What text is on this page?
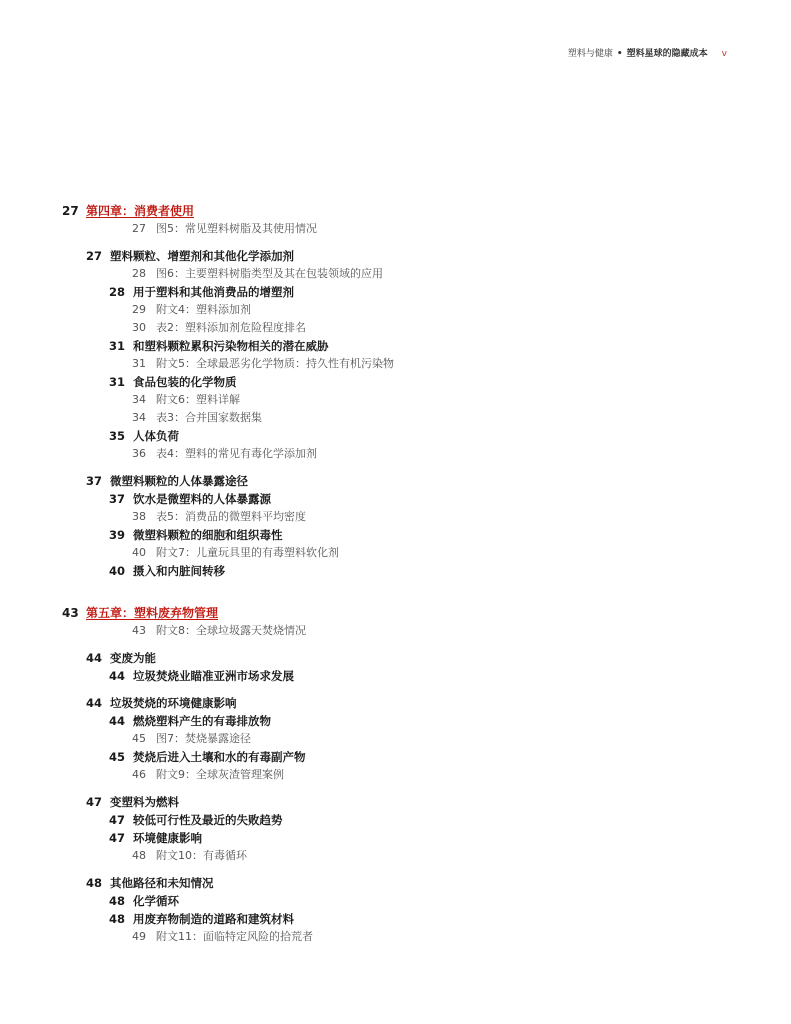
塑料与健康 • 塑料星球的隐藏成本 v
27 第四章：消费者使用
27 图5：常见塑料树脂及其使用情况
27 塑料颗粒、增塑剂和其他化学添加剂
28 图6：主要塑料树脂类型及其在包装领域的应用
28 用于塑料和其他消费品的增塑剂
29 附文4：塑料添加剂
30 表2：塑料添加剂危险程度排名
31 和塑料颗粒累积污染物相关的潜在威胁
31 附文5：全球最恶劣化学物质：持久性有机污染物
31 食品包装的化学物质
34 附文6：塑料详解
34 表3：合并国家数据集
35 人体负荷
36 表4：塑料的常见有毒化学添加剂
37 微塑料颗粒的人体暴露途径
37 饮水是微塑料的人体暴露源
38 表5：消费品的微塑料平均密度
39 微塑料颗粒的细胞和组织毒性
40 附文7：儿童玩具里的有毒塑料软化剂
40 摄入和内脏间转移
43 第五章：塑料废弃物管理
43 附文8：全球垃圾露天焚烧情况
44 变废为能
44 垃圾焚烧业瞄准亚洲市场求发展
44 垃圾焚烧的环境健康影响
44 燃烧塑料产生的有毒排放物
45 图7：焚烧暴露途径
45 焚烧后进入土壤和水的有毒副产物
46 附文9：全球灰渣管理案例
47 变塑料为燃料
47 较低可行性及最近的失败趋势
47 环境健康影响
48 附文10：有毒循环
48 其他路径和未知情况
48 化学循环
48 用废弃物制造的道路和建筑材料
49 附文11：面临特定风险的拾荒者
